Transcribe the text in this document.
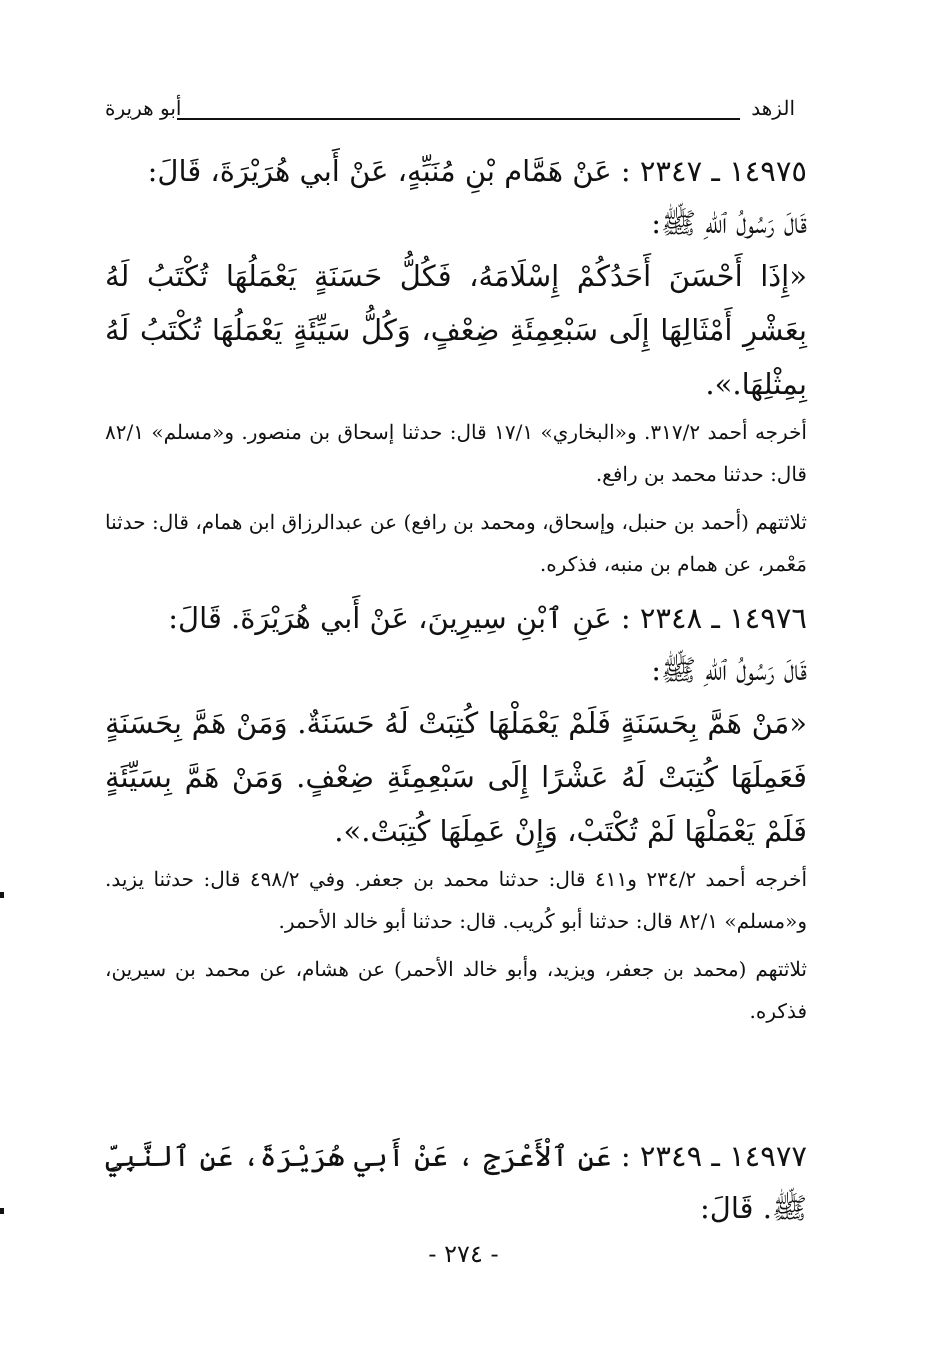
الزهد
أبو هريرة

١٤٩٧٥ ـ ٢٣٤٧ : عَنْ هَمَّام بْنِ مُنَبِّهٍ، عَنْ أَبي هُرَيْرَةَ، قَالَ:

قَالَ رَسُولُ ٱللهِ ﷺ:

«إِذَا أَحْسَنَ أَحَدُكُمْ إِسْلَامَهُ، فَكُلُّ حَسَنَةٍ يَعْمَلُهَا تُكْتَبُ لَهُ بِعَشْرِ أَمْثَالِهَا إِلَى سَبْعِمِئَةِ ضِعْفٍ، وَكُلُّ سَيِّئَةٍ يَعْمَلُهَا تُكْتَبُ لَهُ بِمِثْلِهَا.».

أخرجه أحمد ٣١٧/٢. و«البخاري» ١٧/١ قال: حدثنا إسحاق بن منصور. و«مسلم» ٨٢/١ قال: حدثنا محمد بن رافع.

ثلاثتهم (أحمد بن حنبل، وإسحاق، ومحمد بن رافع) عن عبدالرزاق ابن همام، قال: حدثنا مَعْمر، عن همام بن منبه، فذكره.

١٤٩٧٦ ـ ٢٣٤٨ : عَنِ ٱبْنِ سِيرِينَ، عَنْ أَبي هُرَيْرَةَ. قَالَ:

قَالَ رَسُولُ ٱللهِ ﷺ:

«مَنْ هَمَّ بِحَسَنَةٍ فَلَمْ يَعْمَلْهَا كُتِبَتْ لَهُ حَسَنَةٌ. وَمَنْ هَمَّ بِحَسَنَةٍ فَعَمِلَهَا كُتِبَتْ لَهُ عَشْرًا إِلَى سَبْعِمِئَةِ ضِعْفٍ. وَمَنْ هَمَّ بِسَيِّئَةٍ فَلَمْ يَعْمَلْهَا لَمْ تُكْتَبْ، وَإِنْ عَمِلَهَا كُتِبَتْ.».

أخرجه أحمد ٢٣٤/٢ و٤١١ قال: حدثنا محمد بن جعفر. وفي ٤٩٨/٢ قال: حدثنا يزيد. و«مسلم» ٨٢/١ قال: حدثنا أبو كُريب. قال: حدثنا أبو خالد الأحمر.

ثلاثتهم (محمد بن جعفر، ويزيد، وأبو خالد الأحمر) عن هشام، عن محمد بن سيرين، فذكره.

١٤٩٧٧ ـ ٢٣٤٩ : عَنِ ٱلْأَعْرَجِ ، عَنْ أَبي هُرَيْرَةَ، عَنِ ٱلنَّبِيِّ

ﷺ. قَالَ:

- ٢٧٤ -
